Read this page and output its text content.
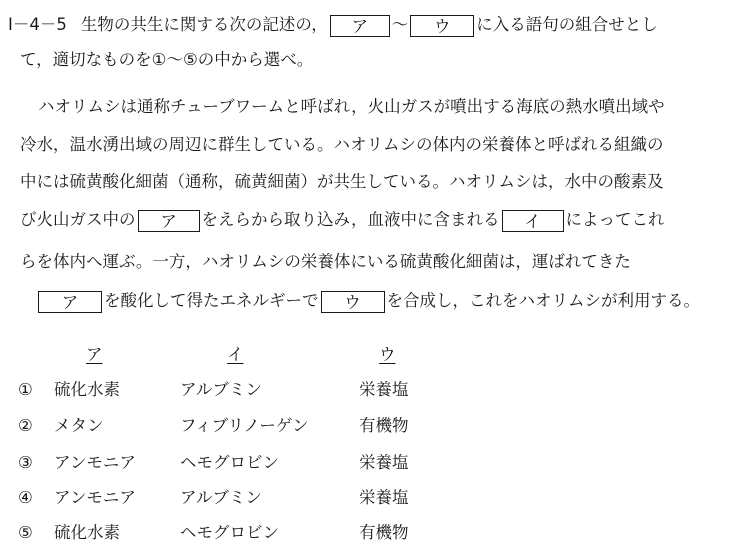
I－4－5 生物の共生に関する次の記述の， ア ～ ウ に入る語句の組合せとし
て，適切なものを①～⑤の中から選べ。
ハオリムシは通称チューブワームと呼ばれ，火山ガスが噴出する海底の熱水噴出域や
冷水，温水湧出域の周辺に群生している。ハオリムシの体内の栄養体と呼ばれる組織の
中には硫黄酸化細菌（通称，硫黄細菌）が共生している。ハオリムシは，水中の酸素及
び火山ガス中の ア をえらから取り込み，血液中に含まれる イ によってこれ
らを体内へ運ぶ。一方，ハオリムシの栄養体にいる硫黄酸化細菌は，運ばれてきた
ア を酸化して得たエネルギーで ウ を合成し，これをハオリムシが利用する。
ア	イ	ウ
① 硫化水素	アルブミン	栄養塩
② メタン	フィブリノーゲン	有機物
③ アンモニア	ヘモグロビン	栄養塩
④ アンモニア	アルブミン	栄養塩
⑤ 硫化水素	ヘモグロビン	有機物
